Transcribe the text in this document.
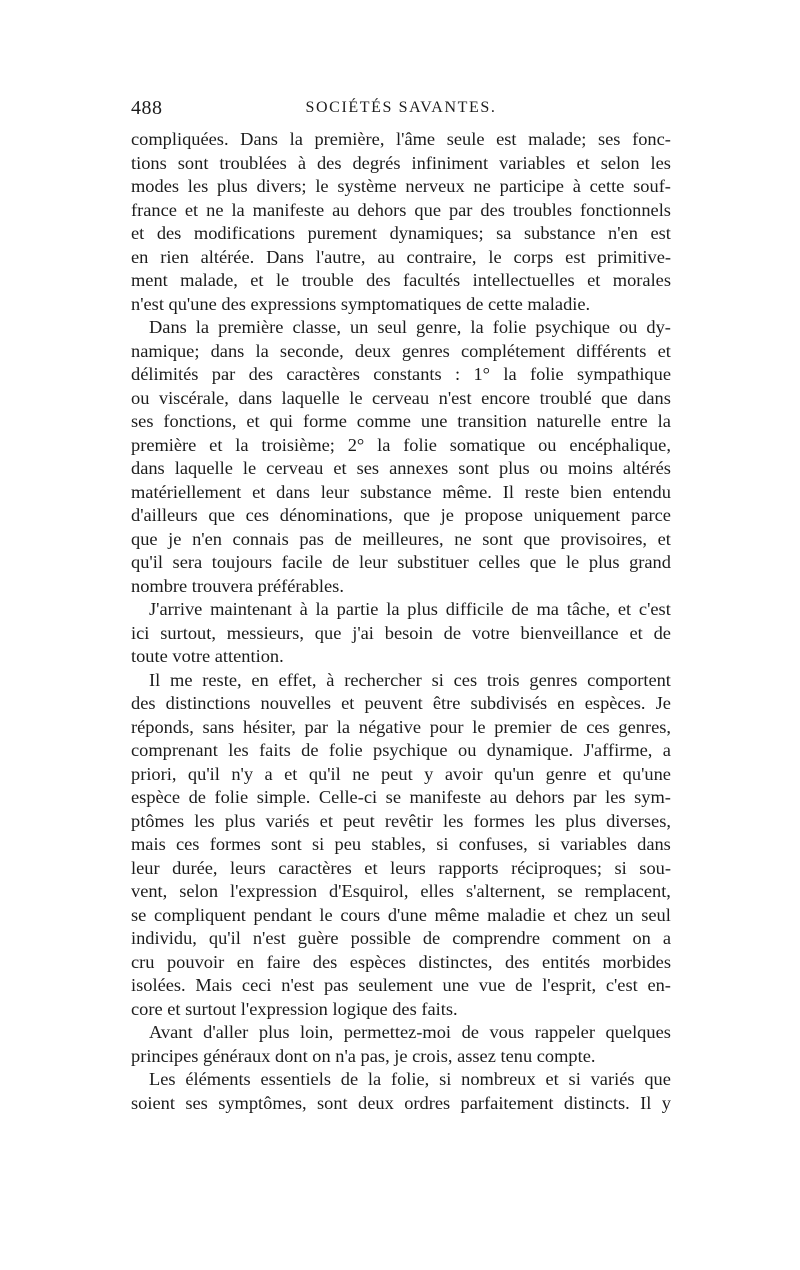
488	SOCIÉTÉS SAVANTES.
compliquées. Dans la première, l'âme seule est malade; ses fonc-
tions sont troublées à des degrés infiniment variables et selon les
modes les plus divers; le système nerveux ne participe à cette souf-
france et ne la manifeste au dehors que par des troubles fonctionnels
et des modifications purement dynamiques; sa substance n'en est
en rien altérée. Dans l'autre, au contraire, le corps est primitive-
ment malade, et le trouble des facultés intellectuelles et morales
n'est qu'une des expressions symptomatiques de cette maladie.
Dans la première classe, un seul genre, la folie psychique ou dy-
namique; dans la seconde, deux genres complétement différents et
délimités par des caractères constants : 1° la folie sympathique
ou viscérale, dans laquelle le cerveau n'est encore troublé que dans
ses fonctions, et qui forme comme une transition naturelle entre la
première et la troisième; 2° la folie somatique ou encéphalique,
dans laquelle le cerveau et ses annexes sont plus ou moins altérés
matériellement et dans leur substance même. Il reste bien entendu
d'ailleurs que ces dénominations, que je propose uniquement parce
que je n'en connais pas de meilleures, ne sont que provisoires, et
qu'il sera toujours facile de leur substituer celles que le plus grand
nombre trouvera préférables.
J'arrive maintenant à la partie la plus difficile de ma tâche, et c'est
ici surtout, messieurs, que j'ai besoin de votre bienveillance et de
toute votre attention.
Il me reste, en effet, à rechercher si ces trois genres comportent
des distinctions nouvelles et peuvent être subdivisés en espèces. Je
réponds, sans hésiter, par la négative pour le premier de ces genres,
comprenant les faits de folie psychique ou dynamique. J'affirme, a
priori, qu'il n'y a et qu'il ne peut y avoir qu'un genre et qu'une
espèce de folie simple. Celle-ci se manifeste au dehors par les sym-
ptômes les plus variés et peut revêtir les formes les plus diverses,
mais ces formes sont si peu stables, si confuses, si variables dans
leur durée, leurs caractères et leurs rapports réciproques; si sou-
vent, selon l'expression d'Esquirol, elles s'alternent, se remplacent,
se compliquent pendant le cours d'une même maladie et chez un seul
individu, qu'il n'est guère possible de comprendre comment on a
cru pouvoir en faire des espèces distinctes, des entités morbides
isolées. Mais ceci n'est pas seulement une vue de l'esprit, c'est en-
core et surtout l'expression logique des faits.
Avant d'aller plus loin, permettez-moi de vous rappeler quelques
principes généraux dont on n'a pas, je crois, assez tenu compte.
Les éléments essentiels de la folie, si nombreux et si variés que
soient ses symptômes, sont deux ordres parfaitement distincts. Il y
